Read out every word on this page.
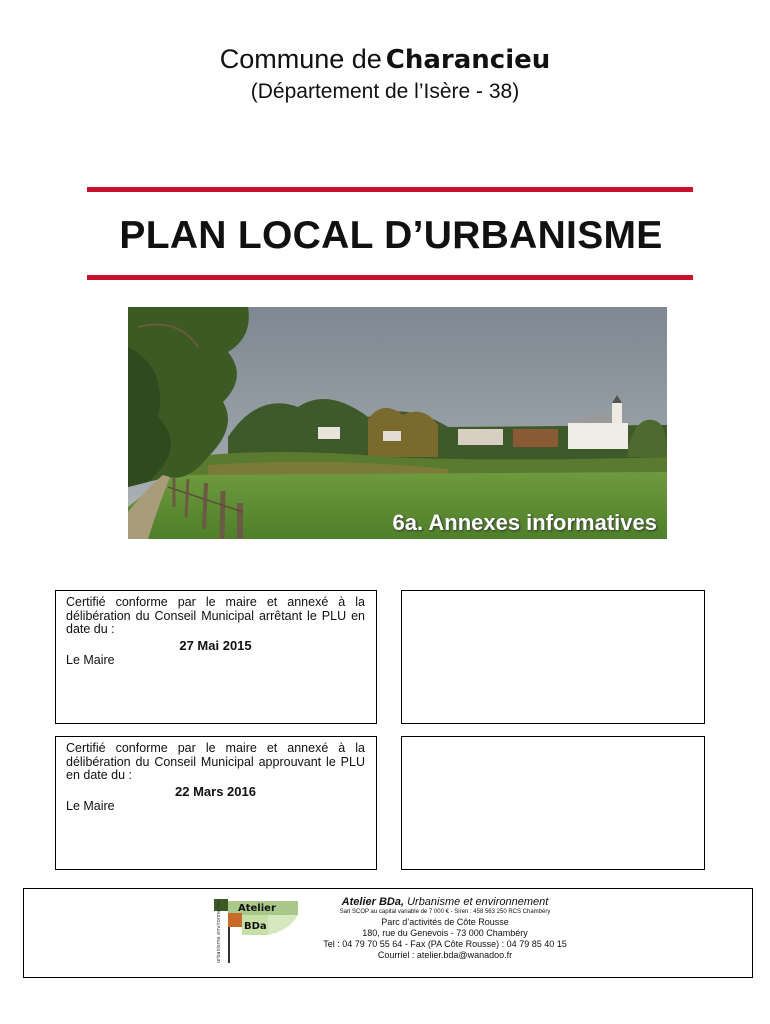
Commune de Charancieu
(Département de l’Isère - 38)
PLAN LOCAL D’URBANISME
6a. Annexes informatives
Certifié conforme par le maire et annexé à la délibération du Conseil Municipal arrêtant le PLU en date du :
27 Mai 2015
Le Maire
Certifié conforme par le maire et annexé à la délibération du Conseil Municipal approuvant le PLU en date du :
22 Mars 2016
Le Maire
Atelier
BDa
urbanisme environnement	Atelier BDa, Urbanisme et environnement
Sarl SCOP au capital variable de 7 000 € - Siren : 458 563 250 RCS Chambéry
Parc d’activités de Côte Rousse
180, rue du Genevois - 73 000 Chambéry
Tel : 04 79 70 55 64 - Fax (PA Côte Rousse) : 04 79 85 40 15
Courriel : atelier.bda@wanadoo.fr
